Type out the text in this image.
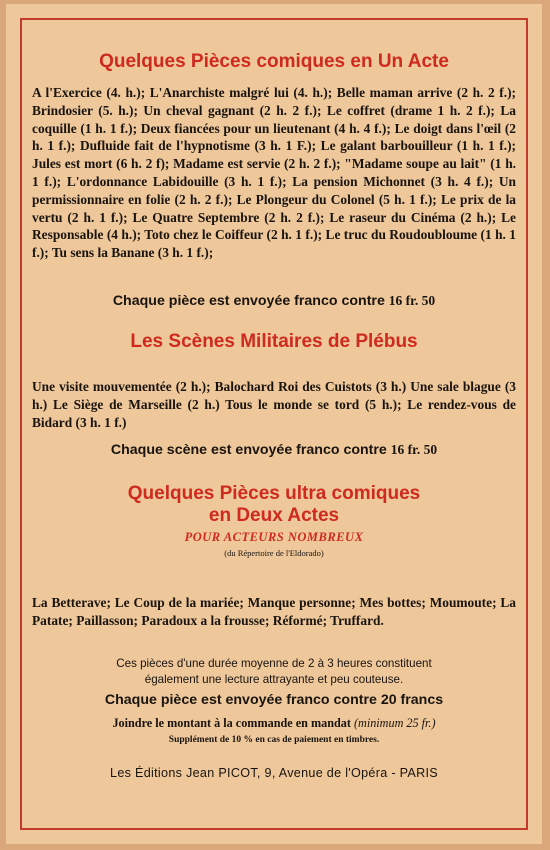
Quelques Pièces comiques en Un Acte

A l'Exercice (4. h.); L'Anarchiste malgré lui (4. h.); Belle maman arrive (2 h. 2 f.); Brindosier (5. h.); Un cheval gagnant (2 h. 2 f.); Le coffret (drame 1 h. 2 f.); La coquille (1 h. 1 f.); Deux fiancées pour un lieutenant (4 h. 4 f.); Le doigt dans l'œil (2 h. 1 f.); Dufluide fait de l'hypnotisme (3 h. 1 F.); Le galant barbouilleur (1 h. 1 f.); Jules est mort (6 h. 2 f); Madame est servie (2 h. 2 f.); "Madame soupe au lait" (1 h. 1 f.); L'ordonnance Labidouille (3 h. 1 f.); La pension Michonnet (3 h. 4 f.); Un permissionnaire en folie (2 h. 2 f.); Le Plongeur du Colonel (5 h. 1 f.); Le prix de la vertu (2 h. 1 f.); Le Quatre Septembre (2 h. 2 f.); Le raseur du Cinéma (2 h.); Le Responsable (4 h.); Toto chez le Coiffeur (2 h. 1 f.); Le truc du Roudoubloume (1 h. 1 f.); Tu sens la Banane (3 h. 1 f.);

Chaque pièce est envoyée franco contre 16 fr. 50

Les Scènes Militaires de Plébus

Une visite mouvementée (2 h.); Balochard Roi des Cuistots (3 h.) Une sale blague (3 h.) Le Siège de Marseille (2 h.) Tous le monde se tord (5 h.); Le rendez-vous de Bidard (3 h. 1 f.)

Chaque scène est envoyée franco contre 16 fr. 50

Quelques Pièces ultra comiques
en Deux Actes

POUR ACTEURS NOMBREUX

(du Répertoire de l'Eldorado)

La Betterave; Le Coup de la mariée; Manque personne; Mes bottes; Moumoute; La Patate; Paillasson; Paradoux a la frousse; Réformé; Truffard.

Ces pièces d'une durée moyenne de 2 à 3 heures constituent

également une lecture attrayante et peu couteuse.

Chaque pièce est envoyée franco contre 20 francs

Joindre le montant à la commande en mandat (minimum 25 fr.)

Supplément de 10 % en cas de paiement en timbres.

Les Éditions Jean PICOT, 9, Avenue de l'Opéra - PARIS
